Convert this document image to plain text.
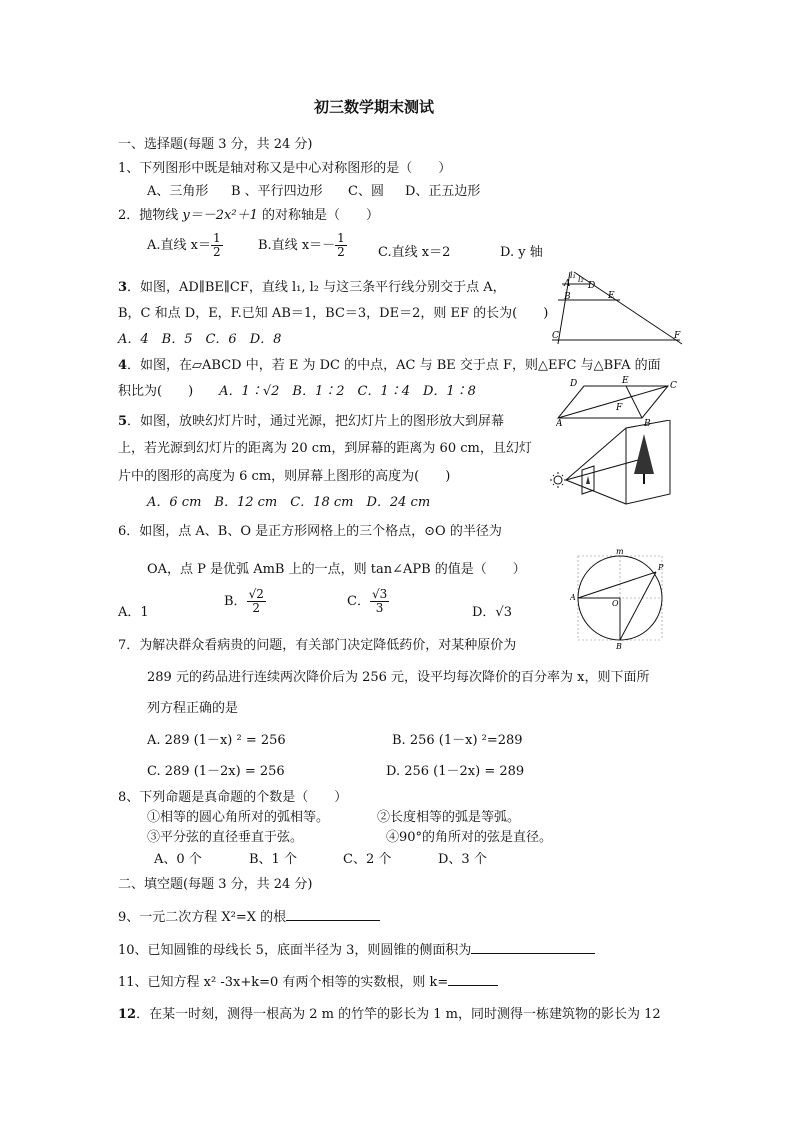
初三数学期末测试
一、选择题(每题 3 分，共 24 分)
1、下列图形中既是轴对称又是中心对称图形的是（　　）
A、三角形 B 、平行四边形 C、圆 D、正五边形
2．抛物线 y＝－2x²＋1 的对称轴是（　　）
A.直线 $x= \frac{1}{2}$	B.直线 $x=- \frac{1}{2} C$.直线 x＝2	D. y 轴
3．如图，AD∥BE∥CF，直线 l₁, l₂ 与这三条平行线分别交于点 A，
B，C 和点 D，E，F.已知 AB＝1，BC＝3，DE＝2，则 EF 的长为(　　)
A．4　B．5　C．6　D．8
l₁ l₂
A D
B	E
C	F
4．如图，在▱ABCD 中，若 E 为 DC 的中点，AC 与 BE 交于点 F，则△EFC 与△BFA 的面
积比为(　　)　　 A．1∶√2　B．1∶2　C．1∶4　D．1∶8	D	E	C
F
A	B
5．如图，放映幻灯片时，通过光源，把幻灯片上的图形放大到屏幕
上，若光源到幻灯片的距离为 20 cm，到屏幕的距离为 60 cm，且幻灯
片中的图形的高度为 6 cm，则屏幕上图形的高度为(　　)
A．6 cm　B．12 cm　C．18 cm　D．24 cm
6．如图，点 A、B、O 是正方形网格上的三个格点，⊙O 的半径为
OA，点 P 是优弧 AmB 上的一点，则 tan∠APB 的值是（　　）
A．1
B． $\frac{√2}{2}$	C． $\frac{√3}{3}$	D．√3
m
P
A
O
B
7．为解决群众看病贵的问题，有关部门决定降低药价，对某种原价为
289 元的药品进行连续两次降价后为 256 元，设平均每次降价的百分率为 x，则下面所
列方程正确的是
A. 289 (1－x) ² = 256	B. 256 (1－x) ²=289
C. 289 (1－2x) = 256	D. 256 (1－2x) = 289
8、下列命题是真命题的个数是（　　）
①相等的圆心角所对的弧相等。	②长度相等的弧是等弧。
③平分弦的直径垂直于弦。	④90°的角所对的弦是直径。
A、0 个	B、1 个	C、2 个	D、3 个
二、填空题(每题 3 分，共 24 分)
9、一元二次方程 X²=X 的根
10、已知圆锥的母线长 5，底面半径为 3，则圆锥的侧面积为
11、已知方程 x² -3x+k=0 有两个相等的实数根，则 k=
12．在某一时刻，测得一根高为 2 m 的竹竿的影长为 1 m，同时测得一栋建筑物的影长为 12
